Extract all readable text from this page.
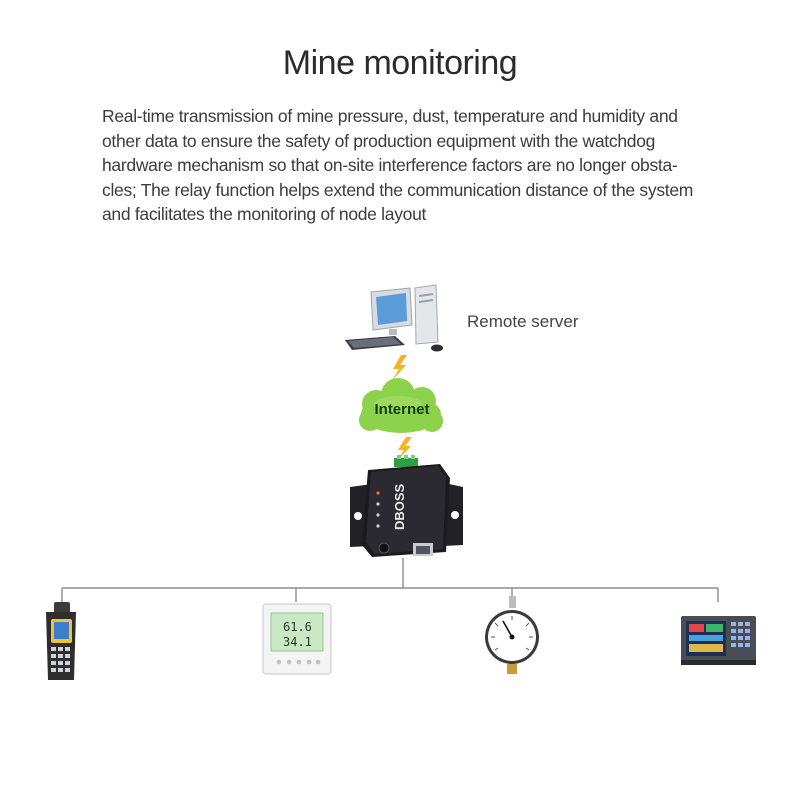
Mine monitoring
Real-time transmission of mine pressure, dust, temperature and humidity and
other data to ensure the safety of production equipment with the watchdog
hardware mechanism so that on-site interference factors are no longer obsta-
cles; The relay function helps extend the communication distance of the system
and facilitates the monitoring of node layout
DBOSS
61.6
34.1
Remote server
Internet
